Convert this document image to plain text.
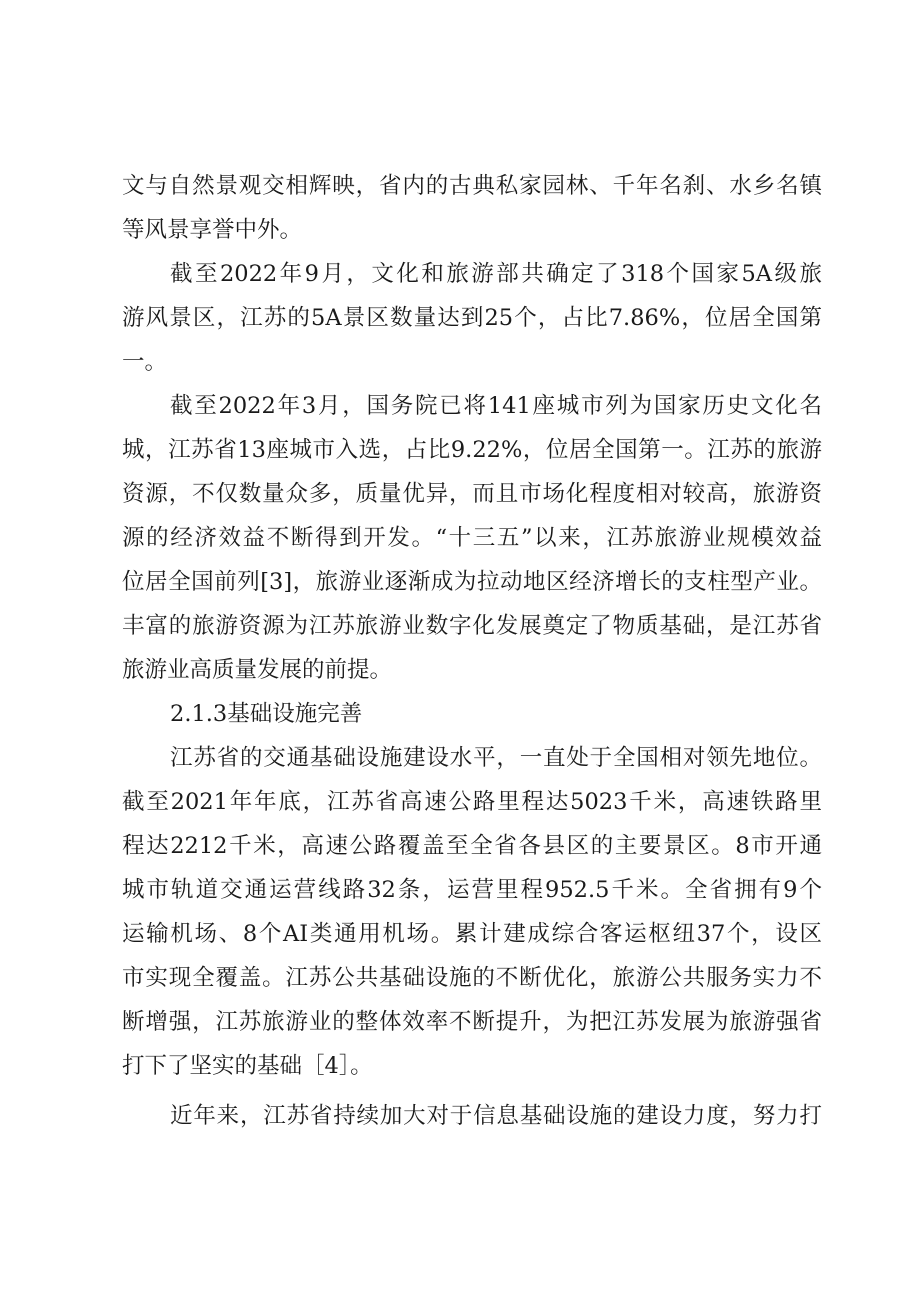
文与自然景观交相辉映，省内的古典私家园林、千年名刹、水乡名镇
等风景享誉中外。
截至2022年9月，文化和旅游部共确定了318个国家5A级旅
游风景区，江苏的5A景区数量达到25个，占比7.86%，位居全国第
一。
截至2022年3月，国务院已将141座城市列为国家历史文化名
城，江苏省13座城市入选，占比9.22%，位居全国第一。江苏的旅游
资源，不仅数量众多，质量优异，而且市场化程度相对较高，旅游资
源的经济效益不断得到开发。“十三五”以来，江苏旅游业规模效益
位居全国前列[3]，旅游业逐渐成为拉动地区经济增长的支柱型产业。
丰富的旅游资源为江苏旅游业数字化发展奠定了物质基础，是江苏省
旅游业高质量发展的前提。
2.1.3基础设施完善
江苏省的交通基础设施建设水平，一直处于全国相对领先地位。
截至2021年年底，江苏省高速公路里程达5023千米，高速铁路里
程达2212千米，高速公路覆盖至全省各县区的主要景区。8市开通
城市轨道交通运营线路32条，运营里程952.5千米。全省拥有9个
运输机场、8个AI类通用机场。累计建成综合客运枢纽37个，设区
市实现全覆盖。江苏公共基础设施的不断优化，旅游公共服务实力不
断增强，江苏旅游业的整体效率不断提升，为把江苏发展为旅游强省
打下了坚实的基础［4］。
近年来，江苏省持续加大对于信息基础设施的建设力度，努力打
